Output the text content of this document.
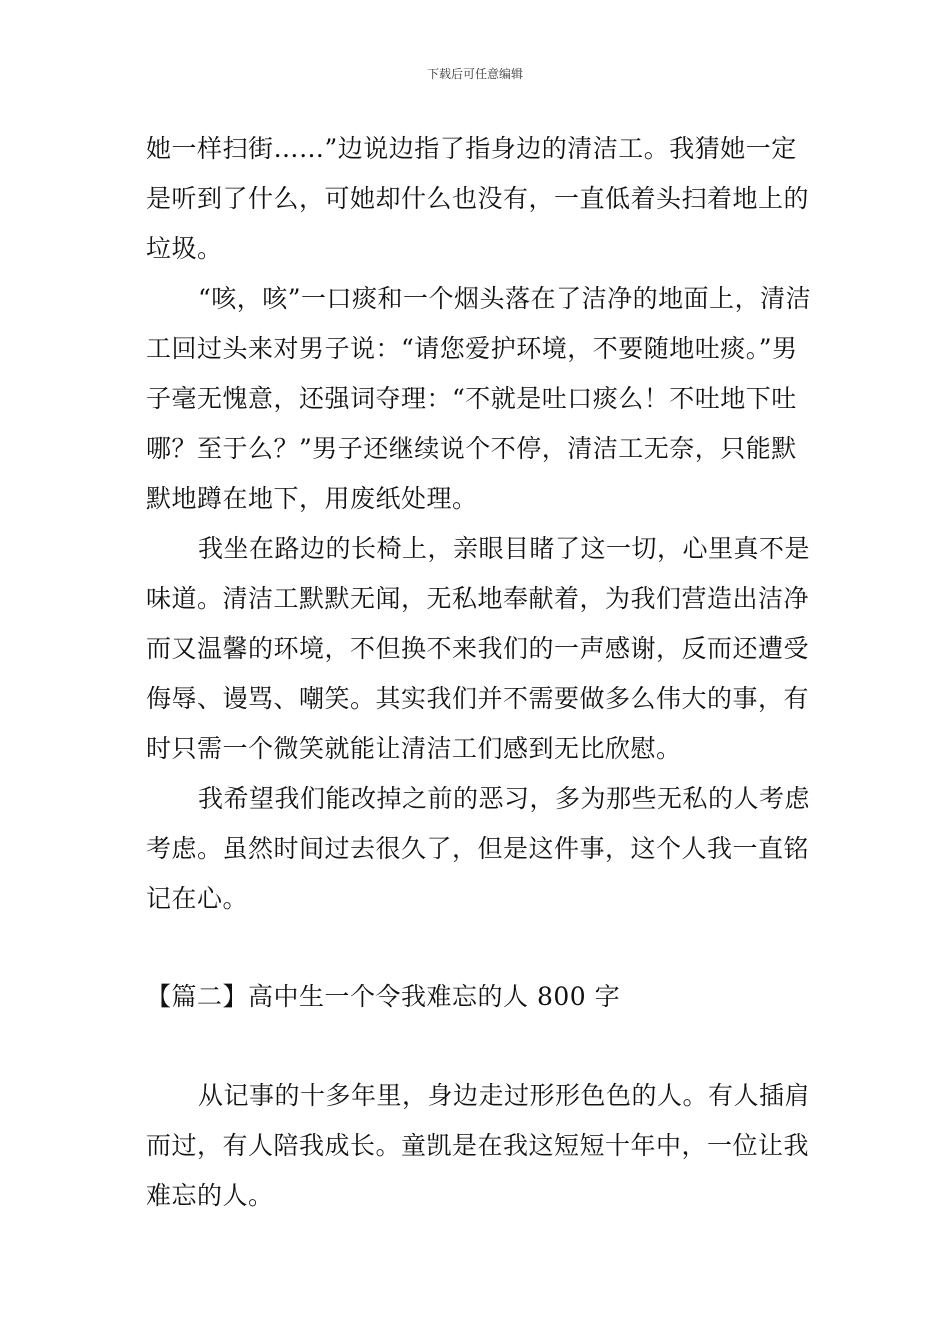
下载后可任意编辑

她一样扫街……”边说边指了指身边的清洁工。我猜她一定是听到了什么，可她却什么也没有，一直低着头扫着地上的垃圾。

“咳，咳”一口痰和一个烟头落在了洁净的地面上，清洁工回过头来对男子说：“请您爱护环境，不要随地吐痰。”男子毫无愧意，还强词夺理：“不就是吐口痰么！不吐地下吐哪？至于么？”男子还继续说个不停，清洁工无奈，只能默默地蹲在地下，用废纸处理。

我坐在路边的长椅上，亲眼目睹了这一切，心里真不是味道。清洁工默默无闻，无私地奉献着，为我们营造出洁净而又温馨的环境，不但换不来我们的一声感谢，反而还遭受侮辱、谩骂、嘲笑。其实我们并不需要做多么伟大的事，有时只需一个微笑就能让清洁工们感到无比欣慰。

我希望我们能改掉之前的恶习，多为那些无私的人考虑考虑。虽然时间过去很久了，但是这件事，这个人我一直铭记在心。

【篇二】高中生一个令我难忘的人 800 字

从记事的十多年里，身边走过形形色色的人。有人插肩而过，有人陪我成长。童凯是在我这短短十年中，一位让我难忘的人。
